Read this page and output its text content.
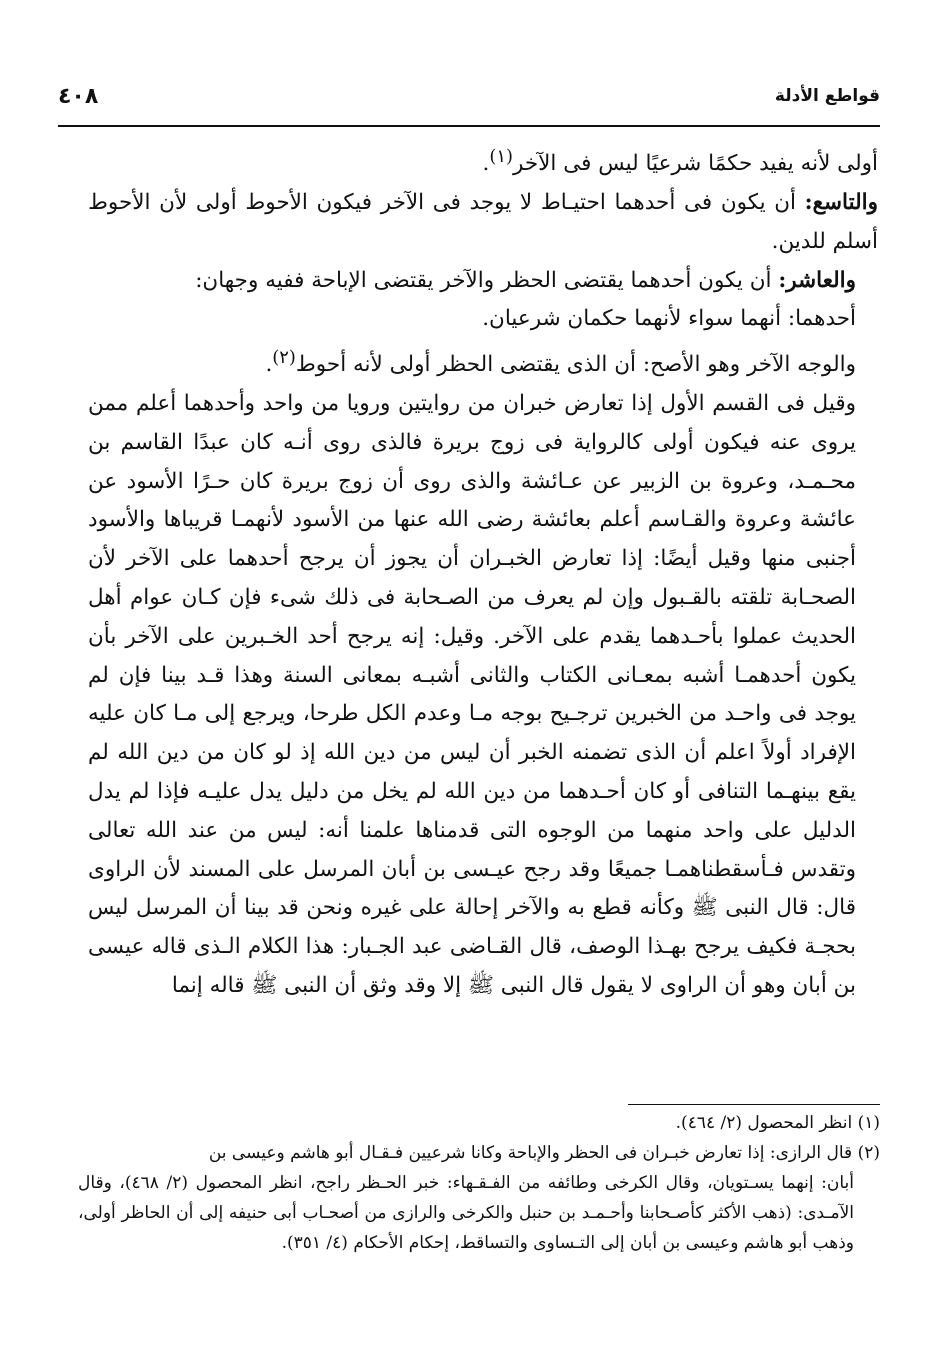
قواطع الأدلة
٤٠٨

أولى لأنه يفيد حكمًا شرعيًا ليس فى الآخر$^{(١)}$.

والتاسع: أن يكون فى أحدهما احتيـاط لا يوجد فى الآخر فيكون الأحوط أولى لأن الأحوط أسلم للدين.

والعاشر: أن يكون أحدهما يقتضى الحظر والآخر يقتضى الإباحة ففيه وجهان:

أحدهما: أنهما سواء لأنهما حكمان شرعيان.

والوجه الآخر وهو الأصح: أن الذى يقتضى الحظر أولى لأنه أحوط$^{(٢)}$.

وقيل فى القسم الأول إذا تعارض خبران من روايتين ورويا من واحد وأحدهما أعلم ممن يروى عنه فيكون أولى كالرواية فى زوج بريرة فالذى روى أنـه كان عبدًا القاسم بن محـمـد، وعروة بن الزبير عن عـائشة والذى روى أن زوج بريرة كان حـرًا الأسود عن عائشة وعروة والقـاسم أعلم بعائشة رضى الله عنها من الأسود لأنهمـا قريباها والأسود أجنبى منها وقيل أيضًا: إذا تعارض الخبـران أن يجوز أن يرجح أحدهما على الآخر لأن الصحـابة تلقته بالقـبول وإن لم يعرف من الصـحابة فى ذلك شىء فإن كـان عوام أهل الحديث عملوا بأحـدهما يقدم على الآخر. وقيل: إنه يرجح أحد الخـبرين على الآخر بأن يكون أحدهمـا أشبه بمعـانى الكتاب والثانى أشبـه بمعانى السنة وهذا قـد بينا فإن لم يوجد فى واحـد من الخبرين ترجـيح بوجه مـا وعدم الكل طرحا، ويرجع إلى مـا كان عليه الإفراد أولاً اعلم أن الذى تضمنه الخبر أن ليس من دين الله إذ لو كان من دين الله لم يقع بينهـما التنافى أو كان أحـدهما من دين الله لم يخل من دليل يدل عليـه فإذا لم يدل الدليل على واحد منهما من الوجوه التى قدمناها علمنا أنه: ليس من عند الله تعالى وتقدس فـأسقطناهمـا جميعًا وقد رجح عيـسى بن أبان المرسل على المسند لأن الراوى قال: قال النبى ﷺ وكأنه قطع به والآخر إحالة على غيره ونحن قد بينا أن المرسل ليس بحجـة فكيف يرجح بهـذا الوصف، قال القـاضى عبد الجـبار: هذا الكلام الـذى قاله عيسى بن أبان وهو أن الراوى لا يقول قال النبى ﷺ إلا وقد وثق أن النبى ﷺ قاله إنما

(١) انظر المحصول (٢/ ٤٦٤).

(٢) قال الرازى: إذا تعارض خبـران فى الحظر والإباحة وكانا شرعيين فـقـال أبو هاشم وعيسى بن

أبان: إنهما يسـتويان، وقال الكرخى وطائفه من الفـقـهاء: خبر الحـظر راجح، انظر المحصول (٢/ ٤٦٨)، وقال الآمـدى: (ذهب الأكثر كأصـحابنا وأحـمـد بن حنبل والكرخى والرازى من أصحـاب أبى حنيفه إلى أن الحاظر أولى، وذهب أبو هاشم وعيسى بن أبان إلى التـساوى والتساقط، إحكام الأحكام (٤/ ٣٥١).
